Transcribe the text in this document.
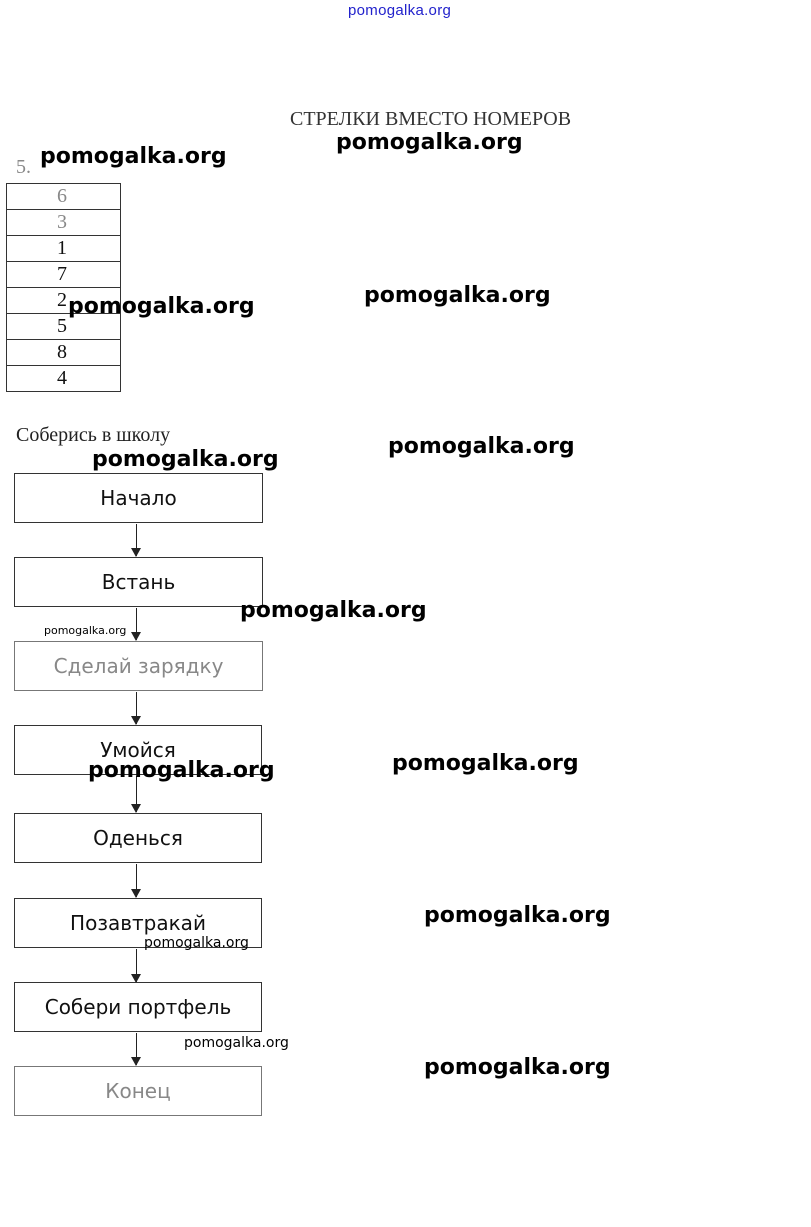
pomogalka.org
СТРЕЛКИ ВМЕСТО НОМЕРОВ
5.
6
3
1
7
2
5
8
4
Соберись в школу
Начало
Встань
Сделай зарядку
Умойся
Оденься
Позавтракай
Собери портфель
Конец
pomogalka.org
pomogalka.org
pomogalka.org	pomogalka.org
pomogalka.org
pomogalka.org
pomogalka.org
pomogalka.org
pomogalka.org	pomogalka.org
pomogalka.org
pomogalka.org
pomogalka.org
pomogalka.org
